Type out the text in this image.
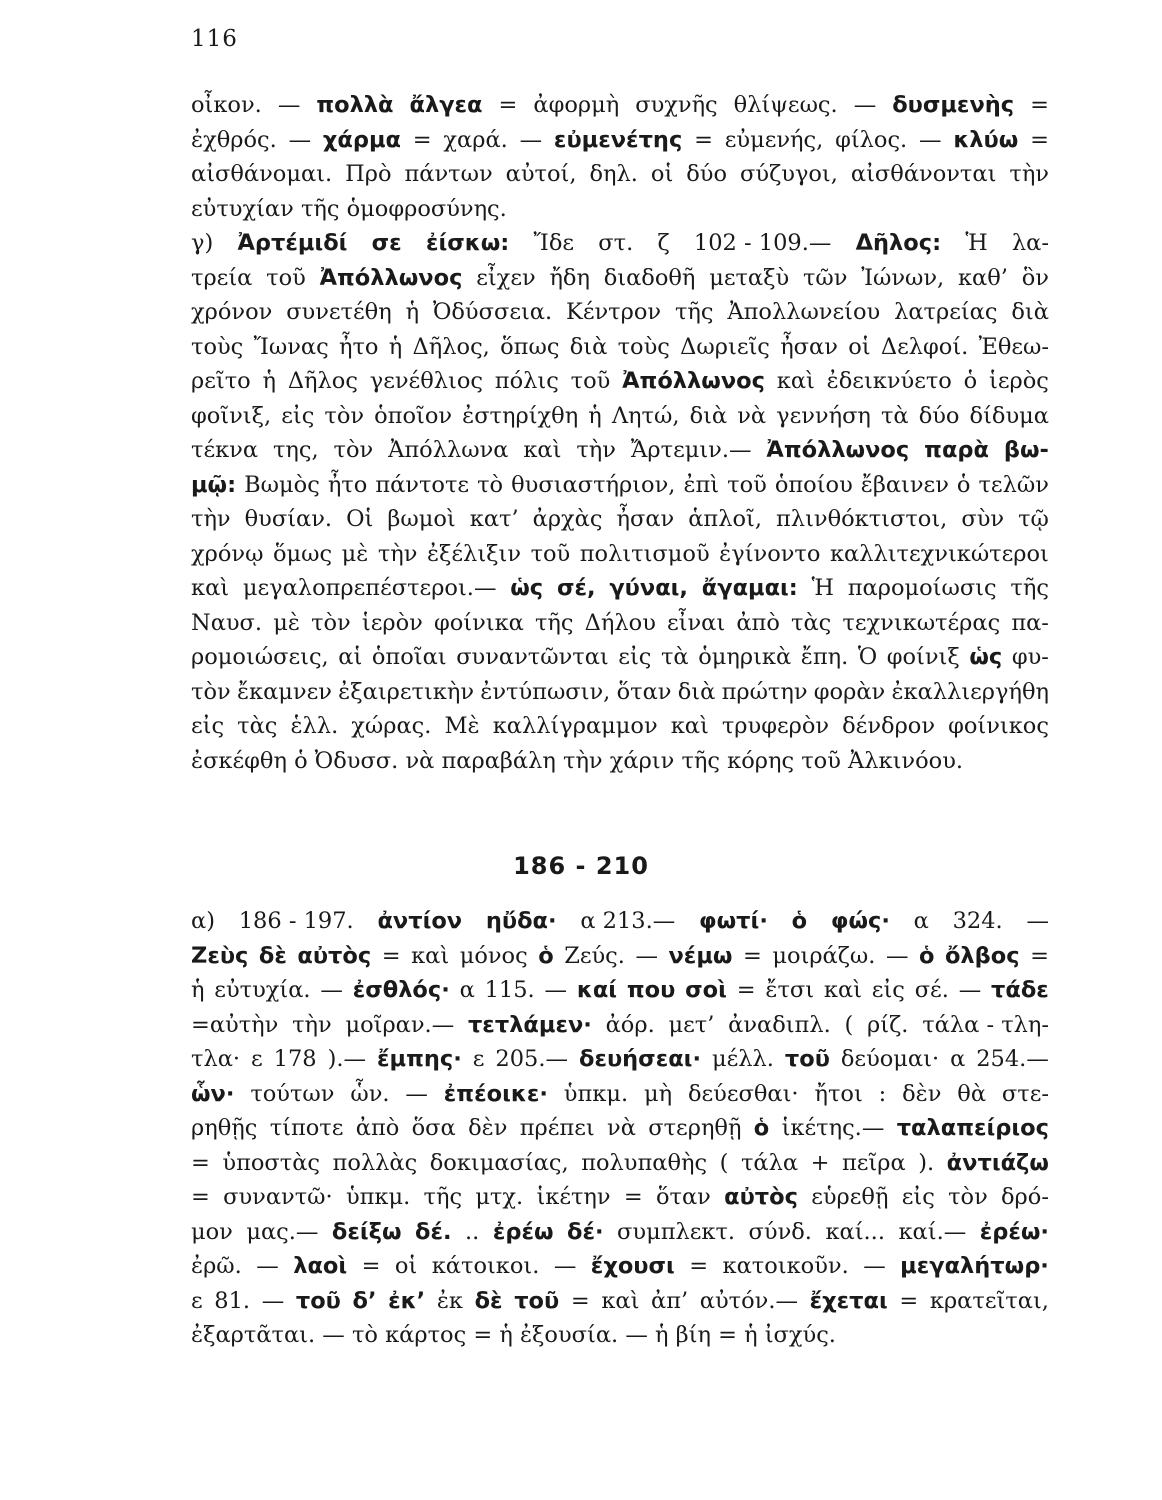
116
οἶκον. — πολλὰ ἄλγεα = ἀφορμὴ συχνῆς θλίψεως. — δυσμενὴς =
ἐχθρός. — χάρμα = χαρά. — εὐμενέτης = εὐμενής, φίλος. — κλύω =
αἰσθάνομαι. Πρὸ πάντων αὐτοί, δηλ. οἱ δύο σύζυγοι, αἰσθάνονται τὴν
εὐτυχίαν τῆς ὁμοφροσύνης.
γ) Ἀρτέμιδί σε ἐίσκω: Ἴδε στ. ζ 102 - 109.— Δῆλος: Ἡ λα-
τρεία τοῦ Ἀπόλλωνος εἶχεν ἤδη διαδοθῆ μεταξὺ τῶν Ἰώνων, καθ’ ὃν
χρόνον συνετέθη ἡ Ὀδύσσεια. Κέντρον τῆς Ἀπολλωνείου λατρείας διὰ
τοὺς Ἴωνας ἦτο ἡ Δῆλος, ὅπως διὰ τοὺς Δωριεῖς ἦσαν οἱ Δελφοί. Ἐθεω-
ρεῖτο ἡ Δῆλος γενέθλιος πόλις τοῦ Ἀπόλλωνος καὶ ἐδεικνύετο ὁ ἱερὸς
φοῖνιξ, εἰς τὸν ὁποῖον ἐστηρίχθη ἡ Λητώ, διὰ νὰ γεννήση τὰ δύο δίδυμα
τέκνα της, τὸν Ἀπόλλωνα καὶ τὴν Ἄρτεμιν.— Ἀπόλλωνος παρὰ βω-
μῷ: Βωμὸς ἦτο πάντοτε τὸ θυσιαστήριον, ἐπὶ τοῦ ὁποίου ἔβαινεν ὁ τελῶν
τὴν θυσίαν. Οἱ βωμοὶ κατ’ ἀρχὰς ἦσαν ἁπλοῖ, πλινθόκτιστοι, σὺν τῷ
χρόνῳ ὅμως μὲ τὴν ἐξέλιξιν τοῦ πολιτισμοῦ ἐγίνοντο καλλιτεχνικώτεροι
καὶ μεγαλοπρεπέστεροι.— ὡς σέ, γύναι, ἄγαμαι: Ἡ παρομοίωσις τῆς
Ναυσ. μὲ τὸν ἱερὸν φοίνικα τῆς Δήλου εἶναι ἀπὸ τὰς τεχνικωτέρας πα-
ρομοιώσεις, αἱ ὁποῖαι συναντῶνται εἰς τὰ ὁμηρικὰ ἔπη. Ὁ φοίνιξ ὡς φυ-
τὸν ἔκαμνεν ἐξαιρετικὴν ἐντύπωσιν, ὅταν διὰ πρώτην φορὰν ἐκαλλιεργήθη
εἰς τὰς ἑλλ. χώρας. Μὲ καλλίγραμμον καὶ τρυφερὸν δένδρον φοίνικος
ἐσκέφθη ὁ Ὀδυσσ. νὰ παραβάλη τὴν χάριν τῆς κόρης τοῦ Ἀλκινόου.
186 - 210
α) 186 - 197. ἀντίον ηὔδα· α 213.— φωτί· ὁ φώς· α 324. —
Ζεὺς δὲ αὐτὸς = καὶ μόνος ὁ Ζεύς. — νέμω = μοιράζω. — ὁ ὄλβος =
ἡ εὐτυχία. — ἐσθλός· α 115. — καί που σοὶ = ἔτσι καὶ εἰς σέ. — τάδε
=αὐτὴν τὴν μοῖραν.— τετλάμεν· ἀόρ. μετ’ ἀναδιπλ. ( ρίζ. τάλα - τλη-
τλα· ε 178 ).— ἔμπης· ε 205.— δευήσεαι· μέλλ. τοῦ δεύομαι· α 254.—
ὧν· τούτων ὧν. — ἐπέοικε· ὑπκμ. μὴ δεύεσθαι· ἤτοι : δὲν θὰ στε-
ρηθῇς τίποτε ἀπὸ ὅσα δὲν πρέπει νὰ στερηθῇ ὁ ἱκέτης.— ταλαπείριος
= ὑποστὰς πολλὰς δοκιμασίας, πολυπαθὴς ( τάλα + πεῖρα ). ἀντιάζω
= συναντῶ· ὑπκμ. τῆς μτχ. ἱκέτην = ὅταν αὐτὸς εὑρεθῇ εἰς τὸν δρό-
μον μας.— δείξω δέ. .. ἐρέω δέ· συμπλεκτ. σύνδ. καί... καί.— ἐρέω·
ἐρῶ. — λαοὶ = οἱ κάτοικοι. — ἔχουσι = κατοικοῦν. — μεγαλήτωρ·
ε 81. — τοῦ δ’ ἐκ’ ἐκ δὲ τοῦ = καὶ ἀπ’ αὐτόν.— ἔχεται = κρατεῖται,
ἐξαρτᾶται. — τὸ κάρτος = ἡ ἐξουσία. — ἡ βίη = ἡ ἰσχύς.
